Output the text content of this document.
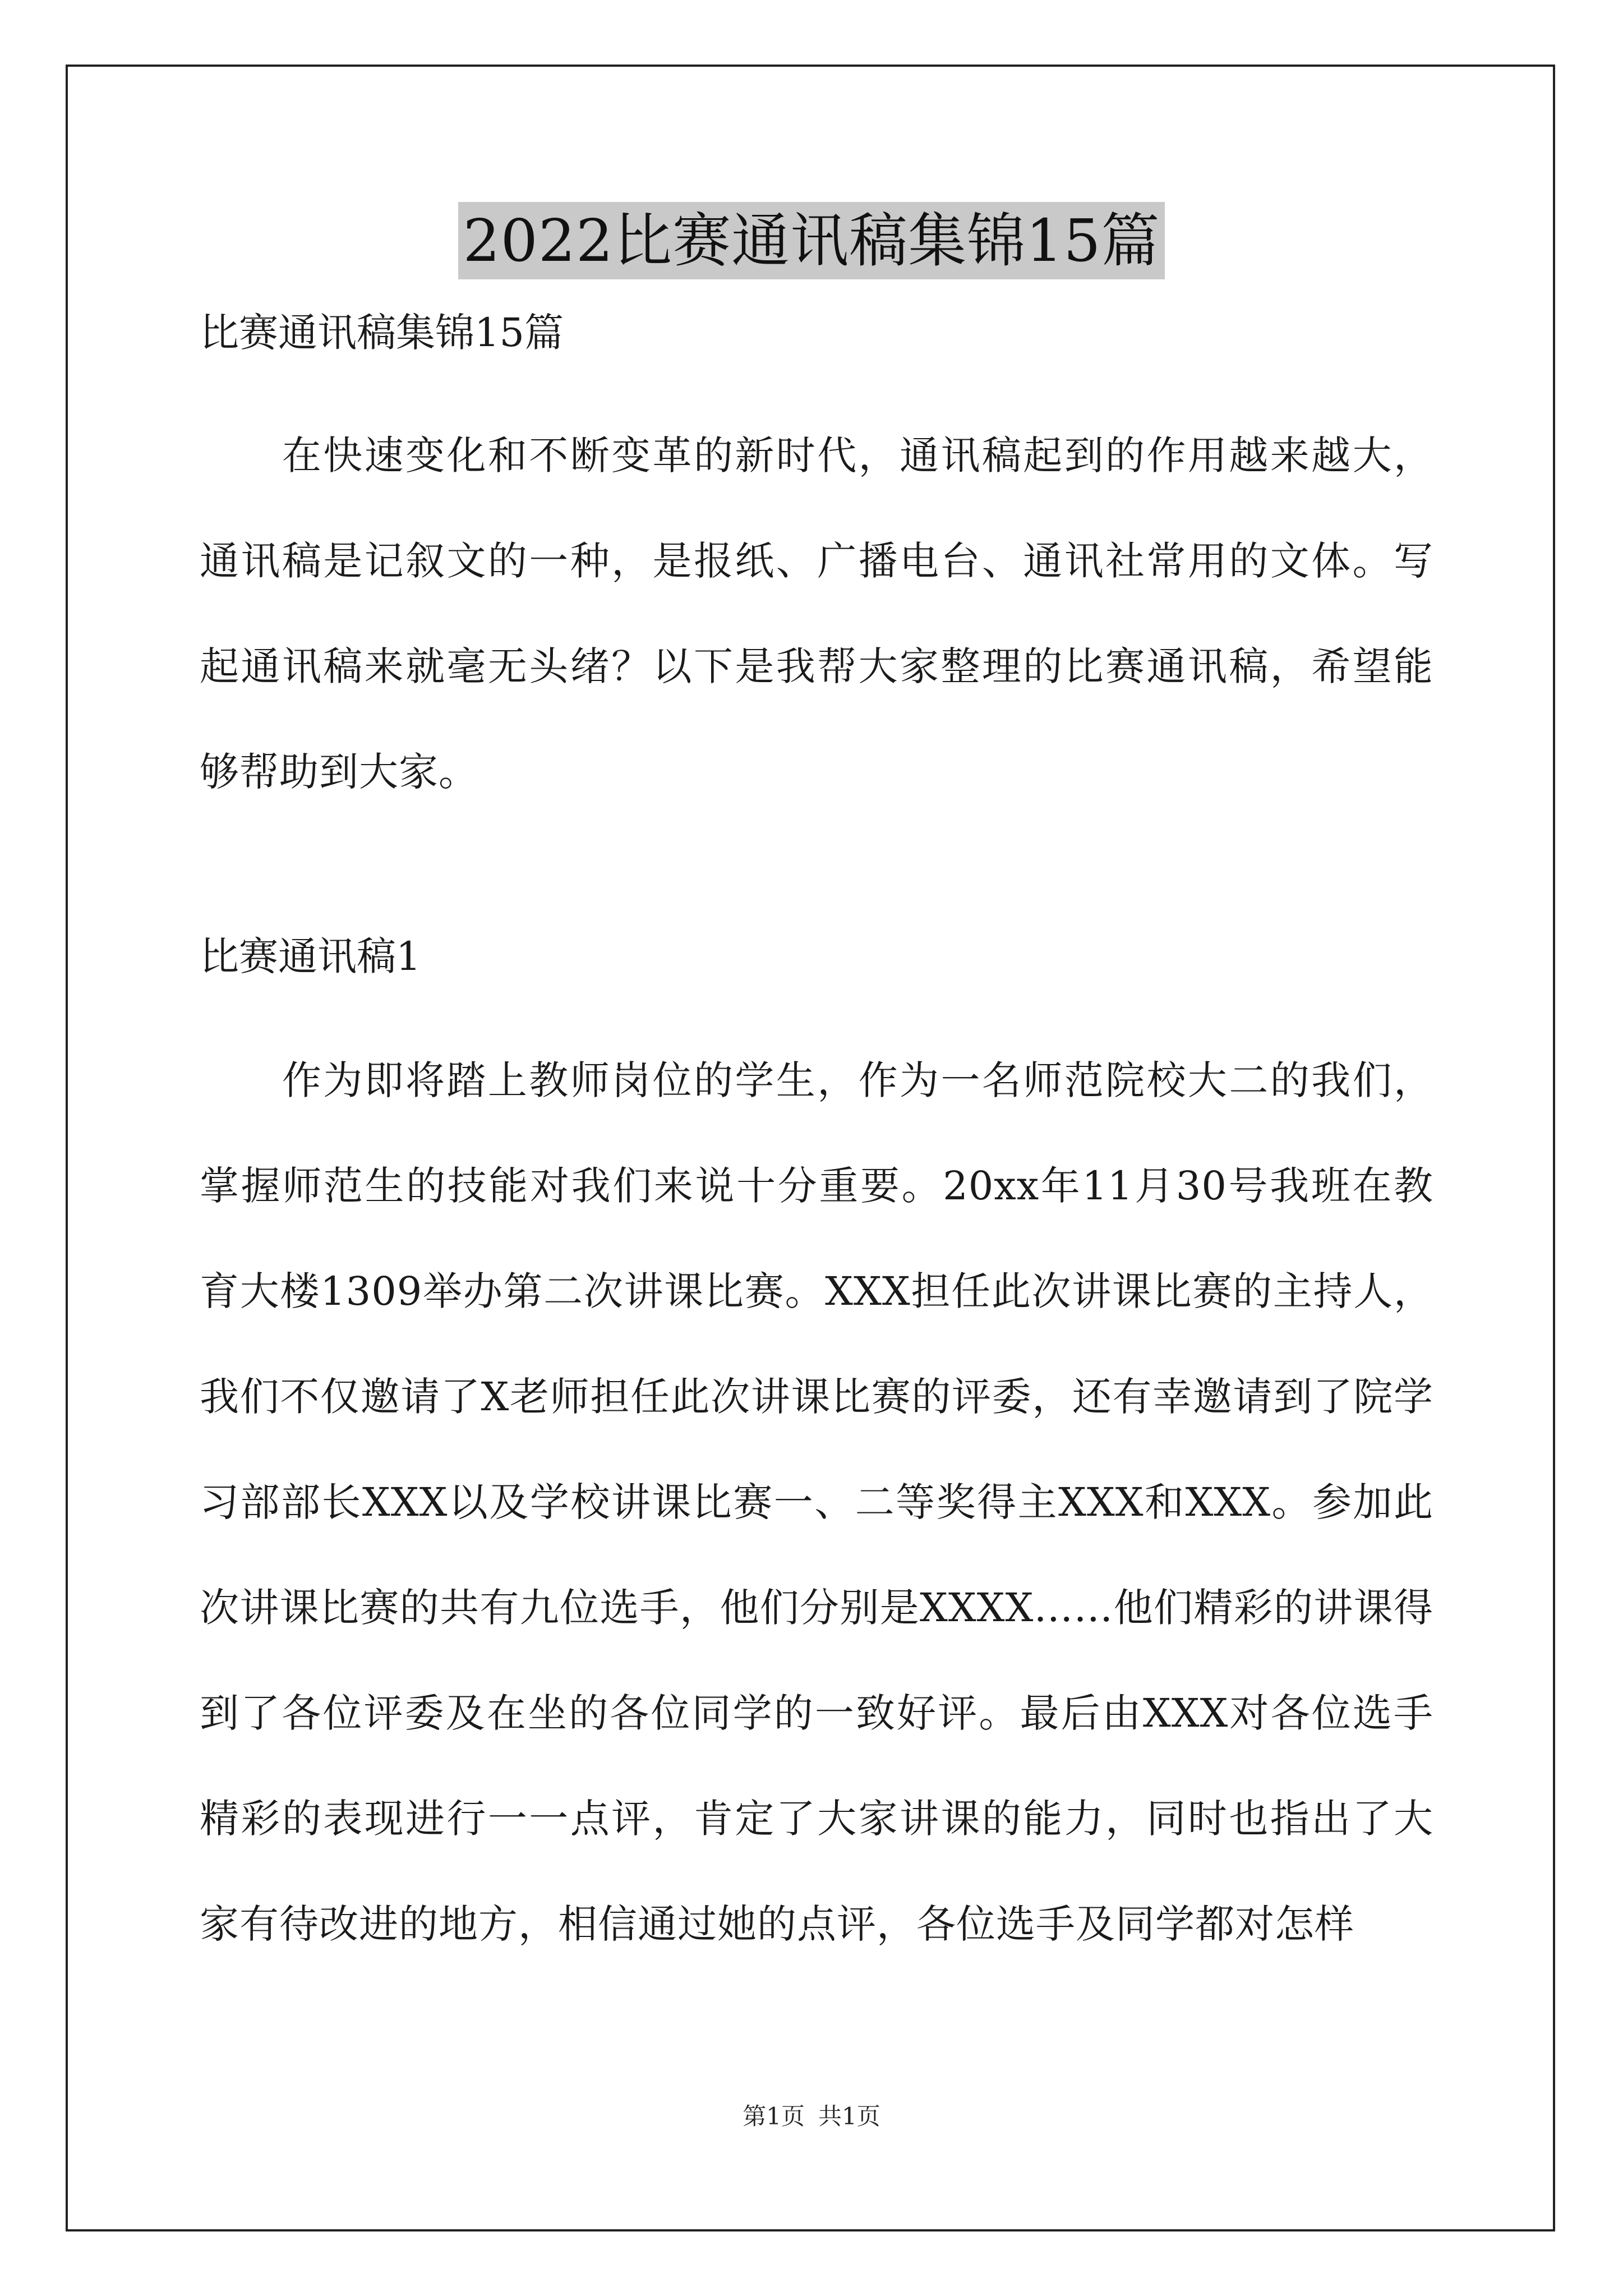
2022比赛通讯稿集锦15篇

比赛通讯稿集锦15篇

　　在快速变化和不断变革的新时代，通讯稿起到的作用越来越大，通讯稿是记叙文的一种，是报纸、广播电台、通讯社常用的文体。写起通讯稿来就毫无头绪？以下是我帮大家整理的比赛通讯稿，希望能够帮助到大家。

比赛通讯稿1

　　作为即将踏上教师岗位的学生，作为一名师范院校大二的我们，掌握师范生的技能对我们来说十分重要。20xx年11月30号我班在教育大楼1309举办第二次讲课比赛。XXX担任此次讲课比赛的主持人，我们不仅邀请了X老师担任此次讲课比赛的评委，还有幸邀请到了院学习部部长XXX以及学校讲课比赛一、二等奖得主XXX和XXX。参加此次讲课比赛的共有九位选手，他们分别是XXXX……他们精彩的讲课得到了各位评委及在坐的各位同学的一致好评。最后由XXX对各位选手精彩的表现进行一一点评，肯定了大家讲课的能力，同时也指出了大家有待改进的地方，相信通过她的点评，各位选手及同学都对怎样

第1页 共1页
